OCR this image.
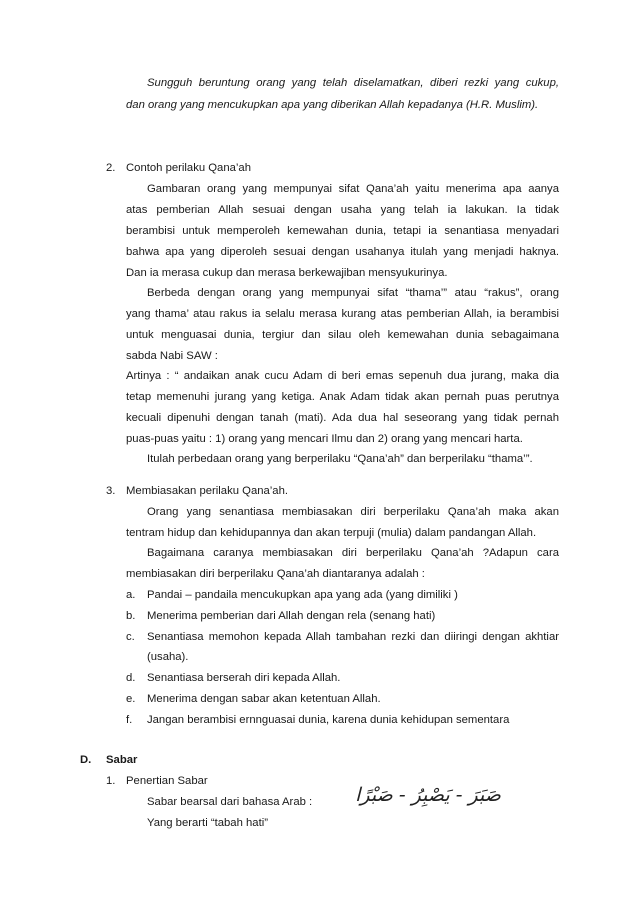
Sungguh beruntung orang yang telah diselamatkan, diberi rezki yang cukup,
dan orang yang mencukupkan apa yang diberikan Allah kepadanya (H.R. Muslim).
2. Contoh perilaku Qana’ah
Gambaran orang yang mempunyai sifat Qana’ah yaitu menerima apa aanya
atas pemberian Allah sesuai dengan usaha yang telah ia lakukan. Ia tidak
berambisi untuk memperoleh kemewahan dunia, tetapi ia senantiasa menyadari
bahwa apa yang diperoleh sesuai dengan usahanya itulah yang menjadi haknya.
Dan ia merasa cukup dan merasa berkewajiban mensyukurinya.
Berbeda dengan orang yang mempunyai sifat “thama’” atau “rakus”, orang
yang thama’ atau rakus ia selalu merasa kurang atas pemberian Allah, ia berambisi
untuk menguasai dunia, tergiur dan silau oleh kemewahan dunia sebagaimana
sabda Nabi SAW :
Artinya : “ andaikan anak cucu Adam di beri emas sepenuh dua jurang, maka dia
tetap memenuhi jurang yang ketiga. Anak Adam tidak akan pernah puas perutnya
kecuali dipenuhi dengan tanah (mati). Ada dua hal seseorang yang tidak pernah
puas-puas yaitu : 1) orang yang mencari Ilmu dan 2) orang yang mencari harta.
Itulah perbedaan orang yang berperilaku “Qana’ah” dan berperilaku “thama’”.
3. Membiasakan perilaku Qana’ah.
Orang yang senantiasa membiasakan diri berperilaku Qana’ah maka akan
tentram hidup dan kehidupannya dan akan terpuji (mulia) dalam pandangan Allah.
Bagaimana caranya membiasakan diri berperilaku Qana’ah ?Adapun cara
membiasakan diri berperilaku Qana’ah diantaranya adalah :
a. Pandai – pandaila mencukupkan apa yang ada (yang dimiliki )
b. Menerima pemberian dari Allah dengan rela (senang hati)
c. Senantiasa memohon kepada Allah tambahan rezki dan diiringi dengan akhtiar
(usaha).
d. Senantiasa berserah diri kepada Allah.
e. Menerima dengan sabar akan ketentuan Allah.
f. Jangan berambisi ernnguasai dunia, karena dunia kehidupan sementara
D. Sabar
1. Penertian Sabar
Sabar bearsal dari bahasa Arab :	صَبَرَ - يَصْبِرُ - صَبْرًا
Yang berarti “tabah hati”
